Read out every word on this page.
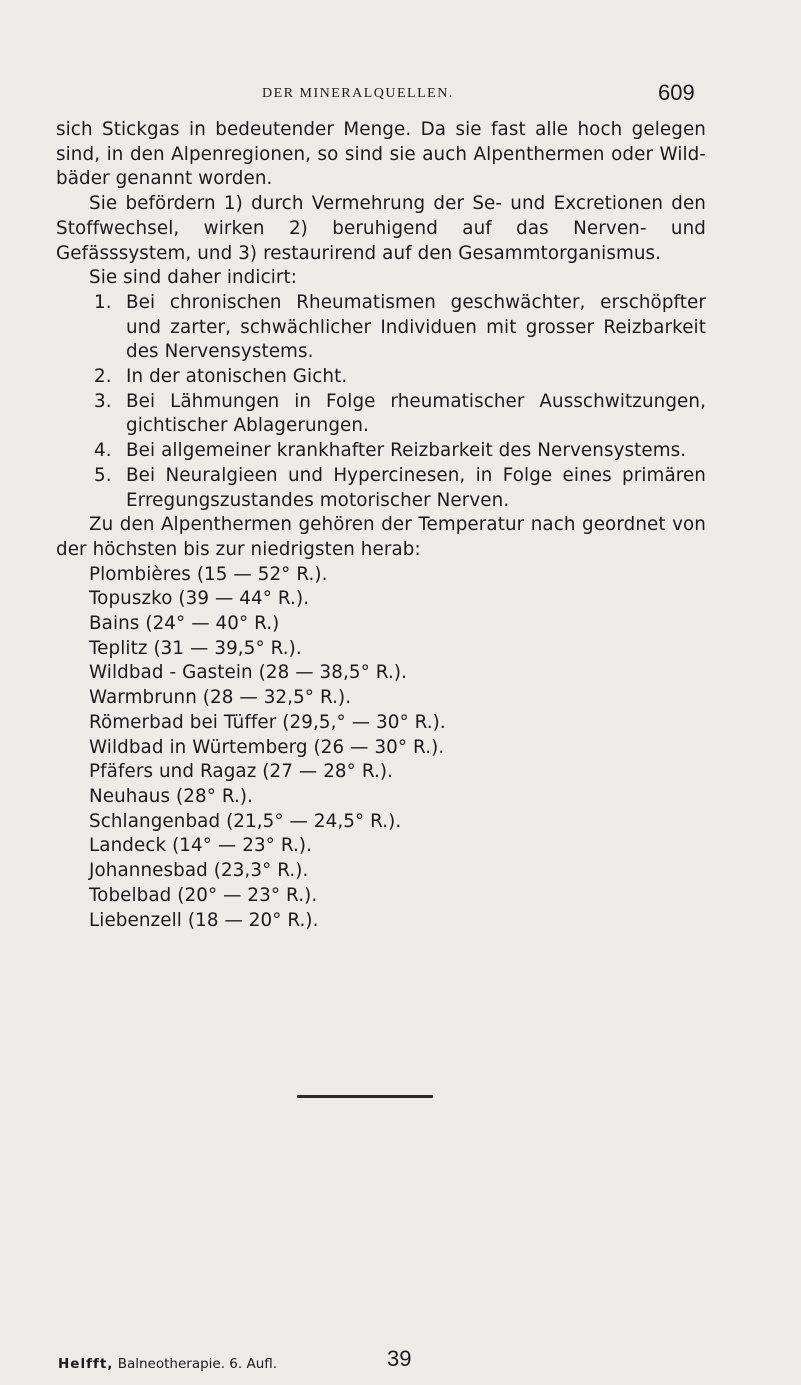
DER MINERALQUELLEN.	609

sich Stickgas in bedeutender Menge. Da sie fast alle hoch gelegen sind, in den Alpenregionen, so sind sie auch Alpenthermen oder Wildbäder genannt worden.

Sie befördern 1) durch Vermehrung der Se- und Excretionen den Stoffwechsel, wirken 2) beruhigend auf das Nerven- und Gefässsystem, und 3) restaurirend auf den Gesammtorganismus.

Sie sind daher indicirt:

1. Bei chronischen Rheumatismen geschwächter, erschöpfter und zarter, schwächlicher Individuen mit grosser Reizbarkeit des Nervensystems.
2. In der atonischen Gicht.
3. Bei Lähmungen in Folge rheumatischer Ausschwitzungen, gichtischer Ablagerungen.
4. Bei allgemeiner krankhafter Reizbarkeit des Nervensystems.
5. Bei Neuralgieen und Hypercinesen, in Folge eines primären Erregungszustandes motorischer Nerven.

Zu den Alpenthermen gehören der Temperatur nach geordnet von der höchsten bis zur niedrigsten herab:

Plombières (15 — 52° R.).
Topuszko (39 — 44° R.).
Bains (24° — 40° R.)
Teplitz (31 — 39,5° R.).
Wildbad - Gastein (28 — 38,5° R.).
Warmbrunn (28 — 32,5° R.).
Römerbad bei Tüffer (29,5,° — 30° R.).
Wildbad in Würtemberg (26 — 30° R.).
Pfäfers und Ragaz (27 — 28° R.).
Neuhaus (28° R.).
Schlangenbad (21,5° — 24,5° R.).
Landeck (14° — 23° R.).
Johannesbad (23,3° R.).
Tobelbad (20° — 23° R.).
Liebenzell (18 — 20° R.).
Helfft, Balneotherapie. 6. Aufl.	39
